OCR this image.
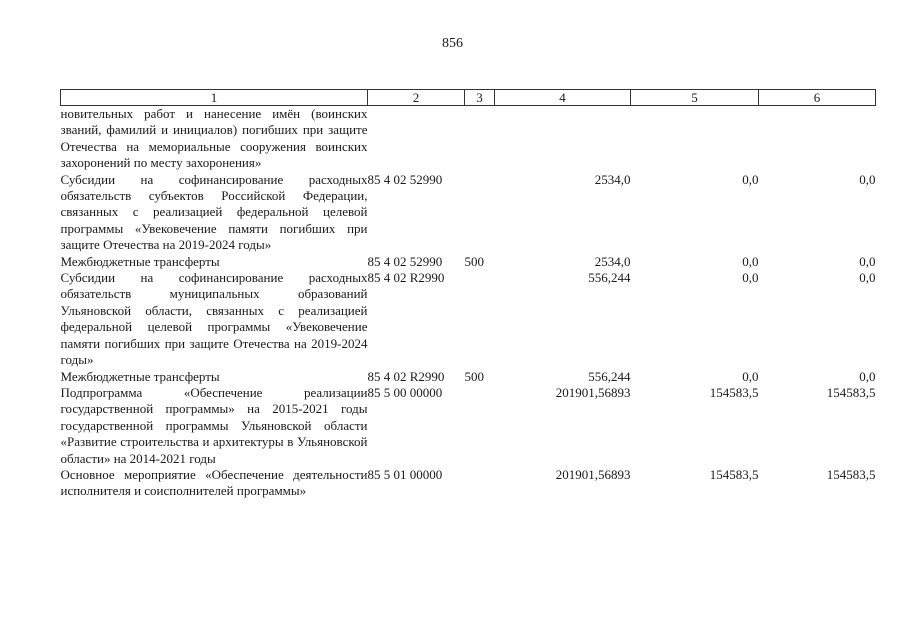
856
1	2	3	4	5	6
новительных работ и нанесение имён (воинских званий, фамилий и инициалов) погибших при защите Отечества на мемориальные сооружения воинских захоронений по месту захоронения»					
Субсидии на софинансирование расходных обязательств субъектов Российской Федерации, связанных с реализацией федеральной целевой программы «Увековечение памяти погибших при защите Отечества на 2019-2024 годы»	85 4 02 52990		2534,0	0,0	0,0
Межбюджетные трансферты	85 4 02 52990	500	2534,0	0,0	0,0
Субсидии на софинансирование расходных обязательств муниципальных образований Ульяновской области, связанных с реализацией федеральной целевой программы «Увековечение памяти погибших при защите Отечества на 2019-2024 годы»	85 4 02 R2990		556,244	0,0	0,0
Межбюджетные трансферты	85 4 02 R2990	500	556,244	0,0	0,0
Подпрограмма «Обеспечение реализации государственной программы» на 2015-2021 годы государственной программы Ульяновской области «Развитие строительства и архитектуры в Ульяновской области» на 2014-2021 годы	85 5 00 00000		201901,56893	154583,5	154583,5
Основное мероприятие «Обеспечение деятельности исполнителя и соисполнителей программы»	85 5 01 00000		201901,56893	154583,5	154583,5
